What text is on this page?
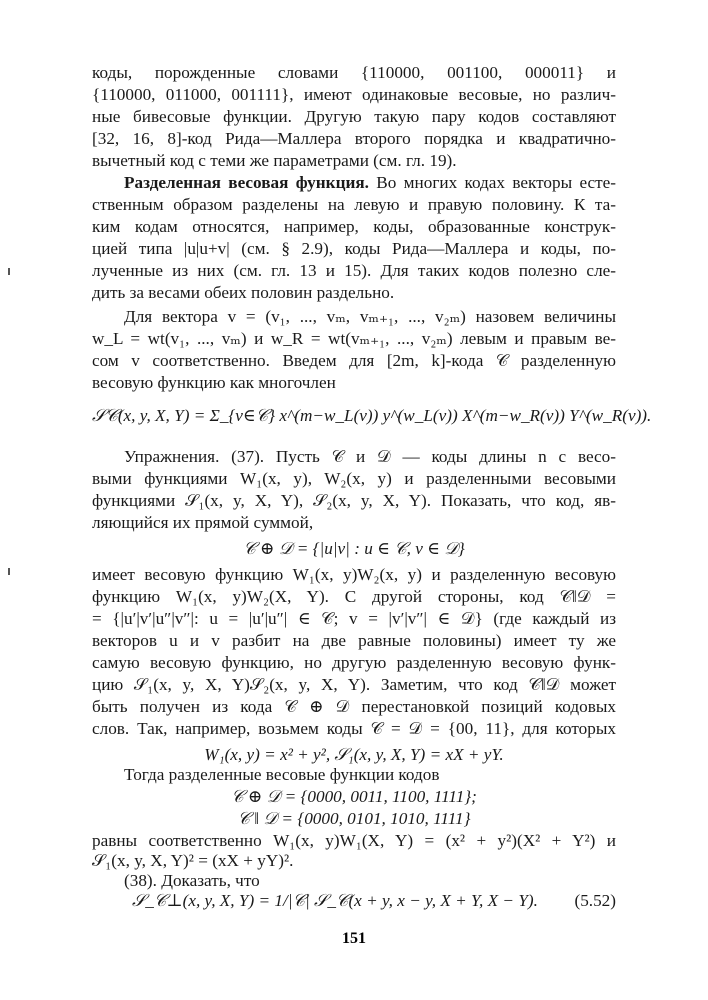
коды, порожденные словами {110000, 001100, 000011} и
{110000, 011000, 001111}, имеют одинаковые весовые, но различ-
ные бивесовые функции. Другую такую пару кодов составляют
[32, 16, 8]-код Рида—Маллера второго порядка и квадратично-
вычетный код с теми же параметрами (см. гл. 19).
Разделенная весовая функция. Во многих кодах векторы есте-
ственным образом разделены на левую и правую половину. К та-
ким кодам относятся, например, коды, образованные конструк-
цией типа |u|u+v| (см. § 2.9), коды Рида—Маллера и коды, по-
лученные из них (см. гл. 13 и 15). Для таких кодов полезно сле-
дить за весами обеих половин раздельно.
Для вектора v = (v₁, ..., vₘ, vₘ₊₁, ..., v₂ₘ) назовем величины
w_L = wt(v₁, ..., vₘ) и w_R = wt(vₘ₊₁, ..., v₂ₘ) левым и правым ве-
сом v соответственно. Введем для [2m, k]-кода 𝒞 разделенную
весовую функцию как многочлен
𝒮𝒞(x, y, X, Y) = Σ_{v∈𝒞} x^(m−w_L(v)) y^(w_L(v)) X^(m−w_R(v)) Y^(w_R(v)).
Упражнения. (37). Пусть 𝒞 и 𝒟 — коды длины n с весо-
выми функциями W₁(x, y), W₂(x, y) и разделенными весовыми
функциями 𝒮₁(x, y, X, Y), 𝒮₂(x, y, X, Y). Показать, что код, яв-
ляющийся их прямой суммой,
𝒞 ⊕ 𝒟 = {|u|v| : u ∈ 𝒞, v ∈ 𝒟}
имеет весовую функцию W₁(x, y)W₂(x, y) и разделенную весовую
функцию W₁(x, y)W₂(X, Y). С другой стороны, код 𝒞‖𝒟 =
= {|u′|v′|u″|v″|: u = |u′|u″| ∈ 𝒞; v = |v′|v″| ∈ 𝒟} (где каждый из
векторов u и v разбит на две равные половины) имеет ту же
самую весовую функцию, но другую разделенную весовую функ-
цию 𝒮₁(x, y, X, Y)𝒮₂(x, y, X, Y). Заметим, что код 𝒞‖𝒟 может
быть получен из кода 𝒞 ⊕ 𝒟 перестановкой позиций кодовых
слов. Так, например, возьмем коды 𝒞 = 𝒟 = {00, 11}, для которых
W₁(x, y) = x² + y², 𝒮₁(x, y, X, Y) = xX + yY.
Тогда разделенные весовые функции кодов
𝒞 ⊕ 𝒟 = {0000, 0011, 1100, 1111};
𝒞 ‖ 𝒟 = {0000, 0101, 1010, 1111}
равны соответственно W₁(x, y)W₁(X, Y) = (x² + y²)(X² + Y²) и
𝒮₁(x, y, X, Y)² = (xX + yY)².
(38). Доказать, что
𝒮_𝒞⊥(x, y, X, Y) = 1/|𝒞| 𝒮_𝒞(x + y, x − y, X + Y, X − Y).	(5.52)
151
